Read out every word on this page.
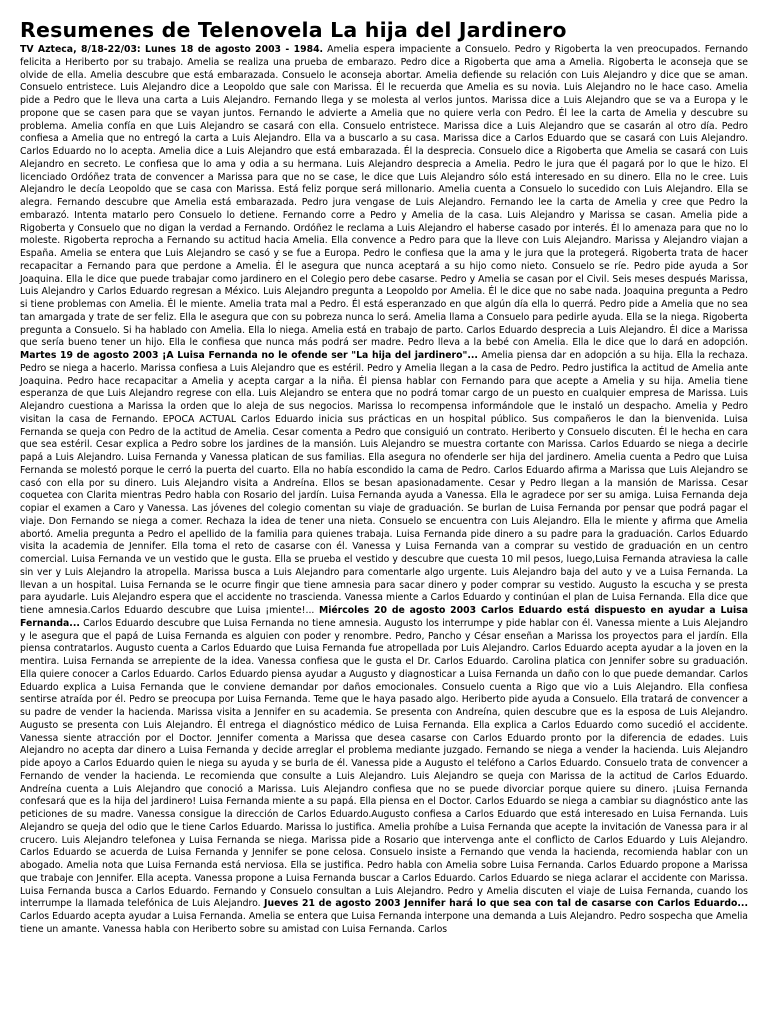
Resumenes de Telenovela La hija del Jardinero

TV Azteca, 8/18-22/03: Lunes 18 de agosto 2003 - 1984. Amelia espera impaciente a Consuelo. Pedro y Rigoberta la ven preocupados. Fernando felicita a Heriberto por su trabajo. Amelia se realiza una prueba de embarazo. Pedro dice a Rigoberta que ama a Amelia. Rigoberta le aconseja que se olvide de ella. Amelia descubre que está embarazada. Consuelo le aconseja abortar. Amelia defiende su relación con Luis Alejandro y dice que se aman. Consuelo entristece. Luis Alejandro dice a Leopoldo que sale con Marissa. Él le recuerda que Amelia es su novia. Luis Alejandro no le hace caso. Amelia pide a Pedro que le lleva una carta a Luis Alejandro. Fernando llega y se molesta al verlos juntos. Marissa dice a Luis Alejandro que se va a Europa y le propone que se casen para que se vayan juntos. Fernando le advierte a Amelia que no quiere verla con Pedro. Él lee la carta de Amelia y descubre su problema. Amelia confía en que Luis Alejandro se casará con ella. Consuelo entristece. Marissa dice a Luis Alejandro que se casarán al otro día. Pedro confiesa a Amelia que no entregó la carta a Luis Alejandro. Ella va a buscarlo a su casa. Marissa dice a Carlos Eduardo que se casará con Luis Alejandro. Carlos Eduardo no lo acepta. Amelia dice a Luis Alejandro que está embarazada. Él la desprecia. Consuelo dice a Rigoberta que Amelia se casará con Luis Alejandro en secreto. Le confiesa que lo ama y odia a su hermana. Luis Alejandro desprecia a Amelia. Pedro le jura que él pagará por lo que le hizo. El licenciado Ordóñez trata de convencer a Marissa para que no se case, le dice que Luis Alejandro sólo está interesado en su dinero. Ella no le cree. Luis Alejandro le decía Leopoldo que se casa con Marissa. Está feliz porque será millonario. Amelia cuenta a Consuelo lo sucedido con Luis Alejandro. Ella se alegra. Fernando descubre que Amelia está embarazada. Pedro jura vengase de Luis Alejandro. Fernando lee la carta de Amelia y cree que Pedro la embarazó. Intenta matarlo pero Consuelo lo detiene. Fernando corre a Pedro y Amelia de la casa. Luis Alejandro y Marissa se casan. Amelia pide a Rigoberta y Consuelo que no digan la verdad a Fernando. Ordóñez le reclama a Luis Alejandro el haberse casado por interés. Él lo amenaza para que no lo moleste. Rigoberta reprocha a Fernando su actitud hacia Amelia. Ella convence a Pedro para que la lleve con Luis Alejandro. Marissa y Alejandro viajan a España. Amelia se entera que Luis Alejandro se casó y se fue a Europa. Pedro le confiesa que la ama y le jura que la protegerá. Rigoberta trata de hacer recapacitar a Fernando para que perdone a Amelia. Él le asegura que nunca aceptará a su hijo como nieto. Consuelo se ríe. Pedro pide ayuda a Sor Joaquina. Ella le dice que puede trabajar como jardinero en el Colegio pero debe casarse. Pedro y Amelia se casan por el Civil. Seis meses después Marissa, Luis Alejandro y Carlos Eduardo regresan a México. Luis Alejandro pregunta a Leopoldo por Amelia. Él le dice que no sabe nada. Joaquina pregunta a Pedro si tiene problemas con Amelia. Él le miente. Amelia trata mal a Pedro. Él está esperanzado en que algún día ella lo querrá. Pedro pide a Amelia que no sea tan amargada y trate de ser feliz. Ella le asegura que con su pobreza nunca lo será. Amelia llama a Consuelo para pedirle ayuda. Ella se la niega. Rigoberta pregunta a Consuelo. Si ha hablado con Amelia. Ella lo niega. Amelia está en trabajo de parto. Carlos Eduardo desprecia a Luis Alejandro. Él dice a Marissa que sería bueno tener un hijo. Ella le confiesa que nunca más podrá ser madre. Pedro lleva a la bebé con Amelia. Ella le dice que lo dará en adopción. Martes 19 de agosto 2003 ¡A Luisa Fernanda no le ofende ser "La hija del jardinero"... Amelia piensa dar en adopción a su hija. Ella la rechaza. Pedro se niega a hacerlo. Marissa confiesa a Luis Alejandro que es estéril. Pedro y Amelia llegan a la casa de Pedro. Pedro justifica la actitud de Amelia ante Joaquina. Pedro hace recapacitar a Amelia y acepta cargar a la niña. Él piensa hablar con Fernando para que acepte a Amelia y su hija. Amelia tiene esperanza de que Luis Alejandro regrese con ella. Luis Alejandro se entera que no podrá tomar cargo de un puesto en cualquier empresa de Marissa. Luis Alejandro cuestiona a Marissa la orden que lo aleja de sus negocios. Marissa lo recompensa informándole que le instaló un despacho. Amelia y Pedro visitan la casa de Fernando. EPOCA ACTUAL Carlos Eduardo inicia sus prácticas en un hospital público. Sus compañeros le dan la bienvenida. Luisa Fernanda se queja con Pedro de la actitud de Amelia. Cesar comenta a Pedro que consiguió un contrato. Heriberto y Consuelo discuten. Él le hecha en cara que sea estéril. Cesar explica a Pedro sobre los jardines de la mansión. Luis Alejandro se muestra cortante con Marissa. Carlos Eduardo se niega a decirle papá a Luis Alejandro. Luisa Fernanda y Vanessa platican de sus familias. Ella asegura no ofenderle ser hija del jardinero. Amelia cuenta a Pedro que Luisa Fernanda se molestó porque le cerró la puerta del cuarto. Ella no había escondido la cama de Pedro. Carlos Eduardo afirma a Marissa que Luis Alejandro se casó con ella por su dinero. Luis Alejandro visita a Andreína. Ellos se besan apasionadamente. Cesar y Pedro llegan a la mansión de Marissa. Cesar coquetea con Clarita mientras Pedro habla con Rosario del jardín. Luisa Fernanda ayuda a Vanessa. Ella le agradece por ser su amiga. Luisa Fernanda deja copiar el examen a Caro y Vanessa. Las jóvenes del colegio comentan su viaje de graduación. Se burlan de Luisa Fernanda por pensar que podrá pagar el viaje. Don Fernando se niega a comer. Rechaza la idea de tener una nieta. Consuelo se encuentra con Luis Alejandro. Ella le miente y afirma que Amelia abortó. Amelia pregunta a Pedro el apellido de la familia para quienes trabaja. Luisa Fernanda pide dinero a su padre para la graduación. Carlos Eduardo visita la academia de Jennifer. Ella toma el reto de casarse con él. Vanessa y Luisa Fernanda van a comprar su vestido de graduación en un centro comercial. Luisa Fernanda ve un vestido que le gusta. Ella se prueba el vestido y descubre que cuesta 10 mil pesos, luego,Luisa Fernanda atraviesa la calle sin ver y Luis Alejandro la atropella. Marissa busca a Luis Alejandro para comentarle algo urgente. Luis Alejandro baja del auto y ve a Luisa Fernanda. La llevan a un hospital. Luisa Fernanda se le ocurre fingir que tiene amnesia para sacar dinero y poder comprar su vestido. Augusto la escucha y se presta para ayudarle. Luis Alejandro espera que el accidente no trascienda. Vanessa miente a Carlos Eduardo y continúan el plan de Luisa Fernanda. Ella dice que tiene amnesia.Carlos Eduardo descubre que Luisa ¡miente!... Miércoles 20 de agosto 2003 Carlos Eduardo está dispuesto en ayudar a Luisa Fernanda... Carlos Eduardo descubre que Luisa Fernanda no tiene amnesia. Augusto los interrumpe y pide hablar con él. Vanessa miente a Luis Alejandro y le asegura que el papá de Luisa Fernanda es alguien con poder y renombre. Pedro, Pancho y César enseñan a Marissa los proyectos para el jardín. Ella piensa contratarlos. Augusto cuenta a Carlos Eduardo que Luisa Fernanda fue atropellada por Luis Alejandro. Carlos Eduardo acepta ayudar a la joven en la mentira. Luisa Fernanda se arrepiente de la idea. Vanessa confiesa que le gusta el Dr. Carlos Eduardo. Carolina platica con Jennifer sobre su graduación. Ella quiere conocer a Carlos Eduardo. Carlos Eduardo piensa ayudar a Augusto y diagnosticar a Luisa Fernanda un daño con lo que puede demandar. Carlos Eduardo explica a Luisa Fernanda que le conviene demandar por daños emocionales. Consuelo cuenta a Rigo que vio a Luis Alejandro. Ella confiesa sentirse atraída por él. Pedro se preocupa por Luisa Fernanda. Teme que le haya pasado algo. Heriberto pide ayuda a Consuelo. Ella tratará de convencer a su padre de vender la hacienda. Marissa visita a Jennifer en su academia. Se presenta con Andreína, quien descubre que es la esposa de Luis Alejandro. Augusto se presenta con Luis Alejandro. Él entrega el diagnóstico médico de Luisa Fernanda. Ella explica a Carlos Eduardo como sucedió el accidente. Vanessa siente atracción por el Doctor. Jennifer comenta a Marissa que desea casarse con Carlos Eduardo pronto por la diferencia de edades. Luis Alejandro no acepta dar dinero a Luisa Fernanda y decide arreglar el problema mediante juzgado. Fernando se niega a vender la hacienda. Luis Alejandro pide apoyo a Carlos Eduardo quien le niega su ayuda y se burla de él. Vanessa pide a Augusto el teléfono a Carlos Eduardo. Consuelo trata de convencer a Fernando de vender la hacienda. Le recomienda que consulte a Luis Alejandro. Luis Alejandro se queja con Marissa de la actitud de Carlos Eduardo. Andreína cuenta a Luis Alejandro que conoció a Marissa. Luis Alejandro confiesa que no se puede divorciar porque quiere su dinero. ¡Luisa Fernanda confesará que es la hija del jardinero! Luisa Fernanda miente a su papá. Ella piensa en el Doctor. Carlos Eduardo se niega a cambiar su diagnóstico ante las peticiones de su madre. Vanessa consigue la dirección de Carlos Eduardo.Augusto confiesa a Carlos Eduardo que está interesado en Luisa Fernanda. Luis Alejandro se queja del odio que le tiene Carlos Eduardo. Marissa lo justifica. Amelia prohíbe a Luisa Fernanda que acepte la invitación de Vanessa para ir al crucero. Luis Alejandro telefonea y Luisa Fernanda se niega. Marissa pide a Rosario que intervenga ante el conflicto de Carlos Eduardo y Luis Alejandro. Carlos Eduardo se acuerda de Luisa Fernanda y Jennifer se pone celosa. Consuelo insiste a Fernando que venda la hacienda, recomienda hablar con un abogado. Amelia nota que Luisa Fernanda está nerviosa. Ella se justifica. Pedro habla con Amelia sobre Luisa Fernanda. Carlos Eduardo propone a Marissa que trabaje con Jennifer. Ella acepta. Vanessa propone a Luisa Fernanda buscar a Carlos Eduardo. Carlos Eduardo se niega aclarar el accidente con Marissa. Luisa Fernanda busca a Carlos Eduardo. Fernando y Consuelo consultan a Luis Alejandro. Pedro y Amelia discuten el viaje de Luisa Fernanda, cuando los interrumpe la llamada telefónica de Luis Alejandro. Jueves 21 de agosto 2003 Jennifer hará lo que sea con tal de casarse con Carlos Eduardo... Carlos Eduardo acepta ayudar a Luisa Fernanda. Amelia se entera que Luisa Fernanda interpone una demanda a Luis Alejandro. Pedro sospecha que Amelia tiene un amante. Vanessa habla con Heriberto sobre su amistad con Luisa Fernanda. Carlos
